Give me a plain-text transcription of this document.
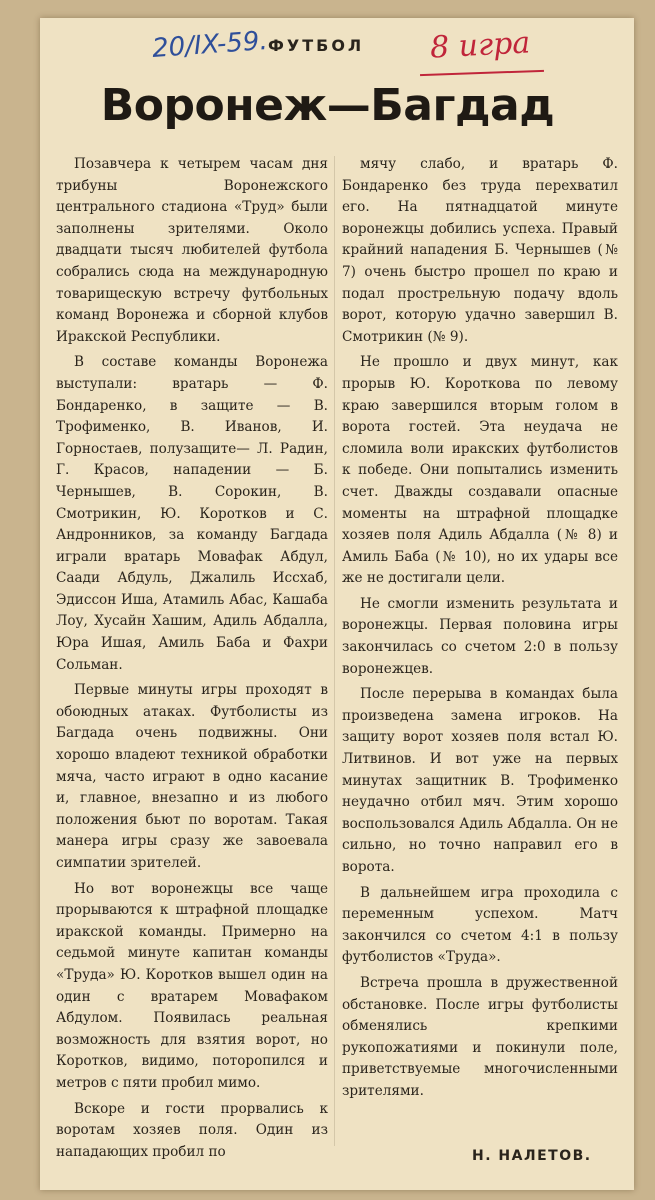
20/IX-59. ФУТБОЛ 8 игра
Воронеж—Багдад

Позавчера к четырем часам дня трибуны Воронежского центрального стадиона «Труд» были заполнены зрителями. Около двадцати тысяч любителей футбола собрались сюда на международную товарищескую встречу футбольных команд Воронежа и сборной клубов Иракской Республики.

В составе команды Воронежа выступали: вратарь — Ф. Бондаренко, в защите — В. Трофименко, В. Иванов, И. Горностаев, полузащите— Л. Радин, Г. Красов, нападении — Б. Чернышев, В. Сорокин, В. Смотрикин, Ю. Коротков и С. Андронников, за команду Багдада играли вратарь Мовафак Абдул, Саади Абдуль, Джалиль Иссхаб, Эдиссон Иша, Атамиль Абас, Кашаба Лоу, Хусайн Хашим, Адиль Абдалла, Юра Ишая, Амиль Баба и Фахри Сольман.

Первые минуты игры проходят в обоюдных атаках. Футболисты из Багдада очень подвижны. Они хорошо владеют техникой обработки мяча, часто играют в одно касание и, главное, внезапно и из любого положения бьют по воротам. Такая манера игры сразу же завоевала симпатии зрителей.

Но вот воронежцы все чаще прорываются к штрафной площадке иракской команды. Примерно на седьмой минуте капитан команды «Труда» Ю. Коротков вышел один на один с вратарем Мовафаком Абдулом. Появилась реальная возможность для взятия ворот, но Коротков, видимо, поторопился и метров с пяти пробил мимо.

Вскоре и гости прорвались к воротам хозяев поля. Один из нападающих пробил по

мячу слабо, и вратарь Ф. Бондаренко без труда перехватил его. На пятнадцатой минуте воронежцы добились успеха. Правый крайний нападения Б. Чернышев (№ 7) очень быстро прошел по краю и подал прострельную подачу вдоль ворот, которую удачно завершил В. Смотрикин (№ 9).

Не прошло и двух минут, как прорыв Ю. Короткова по левому краю завершился вторым голом в ворота гостей. Эта неудача не сломила воли иракских футболистов к победе. Они попытались изменить счет. Дважды создавали опасные моменты на штрафной площадке хозяев поля Адиль Абдалла (№ 8) и Амиль Баба (№ 10), но их удары все же не достигали цели.

Не смогли изменить результата и воронежцы. Первая половина игры закончилась со счетом 2:0 в пользу воронежцев.

После перерыва в командах была произведена замена игроков. На защиту ворот хозяев поля встал Ю. Литвинов. И вот уже на первых минутах защитник В. Трофименко неудачно отбил мяч. Этим хорошо воспользовался Адиль Абдалла. Он не сильно, но точно направил его в ворота.

В дальнейшем игра проходила с переменным успехом. Матч закончился со счетом 4:1 в пользу футболистов «Труда».

Встреча прошла в дружественной обстановке. После игры футболисты обменялись крепкими рукопожатиями и покинули поле, приветствуемые многочисленными зрителями.

Н. НАЛЕТОВ.
